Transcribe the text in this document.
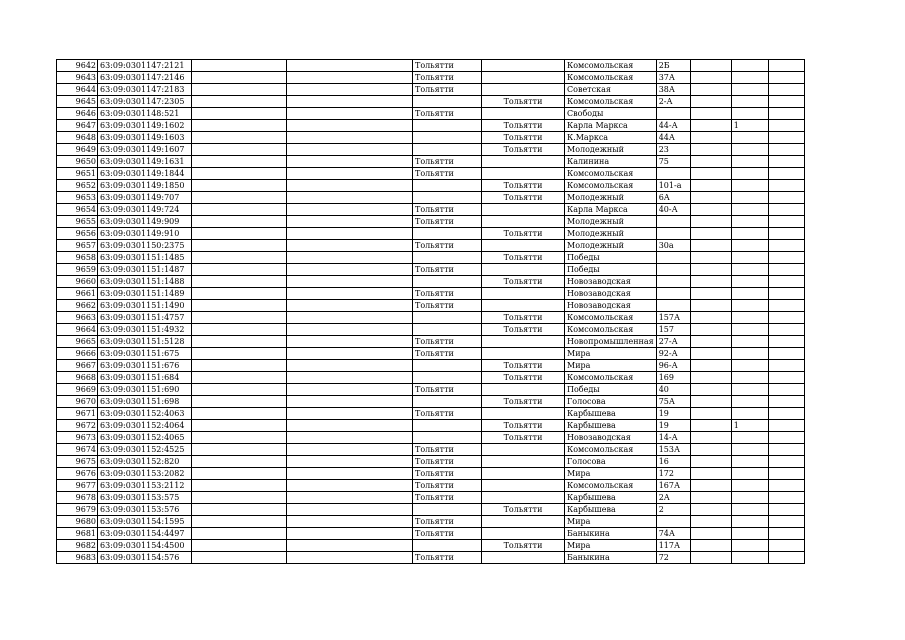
9642	63:09:0301147:2121			Тольятти		Комсомольская	2Б			
9643	63:09:0301147:2146			Тольятти		Комсомольская	37А			
9644	63:09:0301147:2183			Тольятти		Советская	38А			
9645	63:09:0301147:2305				Тольятти	Комсомольская	2-А			
9646	63:09:0301148:521			Тольятти		Свободы				
9647	63:09:0301149:1602				Тольятти	Карла Маркса	44-А		1	
9648	63:09:0301149:1603				Тольятти	К.Маркса	44А			
9649	63:09:0301149:1607				Тольятти	Молодежный	23			
9650	63:09:0301149:1631			Тольятти		Калинина	75			
9651	63:09:0301149:1844			Тольятти		Комсомольская				
9652	63:09:0301149:1850				Тольятти	Комсомольская	101-а			
9653	63:09:0301149:707				Тольятти	Молодежный	6А			
9654	63:09:0301149:724			Тольятти		Карла Маркса	40-А			
9655	63:09:0301149:909			Тольятти		Молодежный				
9656	63:09:0301149:910				Тольятти	Молодежный				
9657	63:09:0301150:2375			Тольятти		Молодежный	30а			
9658	63:09:0301151:1485				Тольятти	Победы				
9659	63:09:0301151:1487			Тольятти		Победы				
9660	63:09:0301151:1488				Тольятти	Новозаводская				
9661	63:09:0301151:1489			Тольятти		Новозаводская				
9662	63:09:0301151:1490			Тольятти		Новозаводская				
9663	63:09:0301151:4757				Тольятти	Комсомольская	157А			
9664	63:09:0301151:4932				Тольятти	Комсомольская	157			
9665	63:09:0301151:5128			Тольятти		Новопромышленная	27-А			
9666	63:09:0301151:675			Тольятти		Мира	92-А			
9667	63:09:0301151:676				Тольятти	Мира	96-А			
9668	63:09:0301151:684				Тольятти	Комсомольская	169			
9669	63:09:0301151:690			Тольятти		Победы	40			
9670	63:09:0301151:698				Тольятти	Голосова	75А			
9671	63:09:0301152:4063			Тольятти		Карбышева	19			
9672	63:09:0301152:4064				Тольятти	Карбышева	19		1	
9673	63:09:0301152:4065				Тольятти	Новозаводская	14-А			
9674	63:09:0301152:4525			Тольятти		Комсомольская	153А			
9675	63:09:0301152:820			Тольятти		Голосова	16			
9676	63:09:0301153:2082			Тольятти		Мира	172			
9677	63:09:0301153:2112			Тольятти		Комсомольская	167А			
9678	63:09:0301153:575			Тольятти		Карбышева	2А			
9679	63:09:0301153:576				Тольятти	Карбышева	2			
9680	63:09:0301154:1595			Тольятти		Мира				
9681	63:09:0301154:4497			Тольятти		Баныкина	74А			
9682	63:09:0301154:4500				Тольятти	Мира	117А			
9683	63:09:0301154:576			Тольятти		Баныкина	72			
